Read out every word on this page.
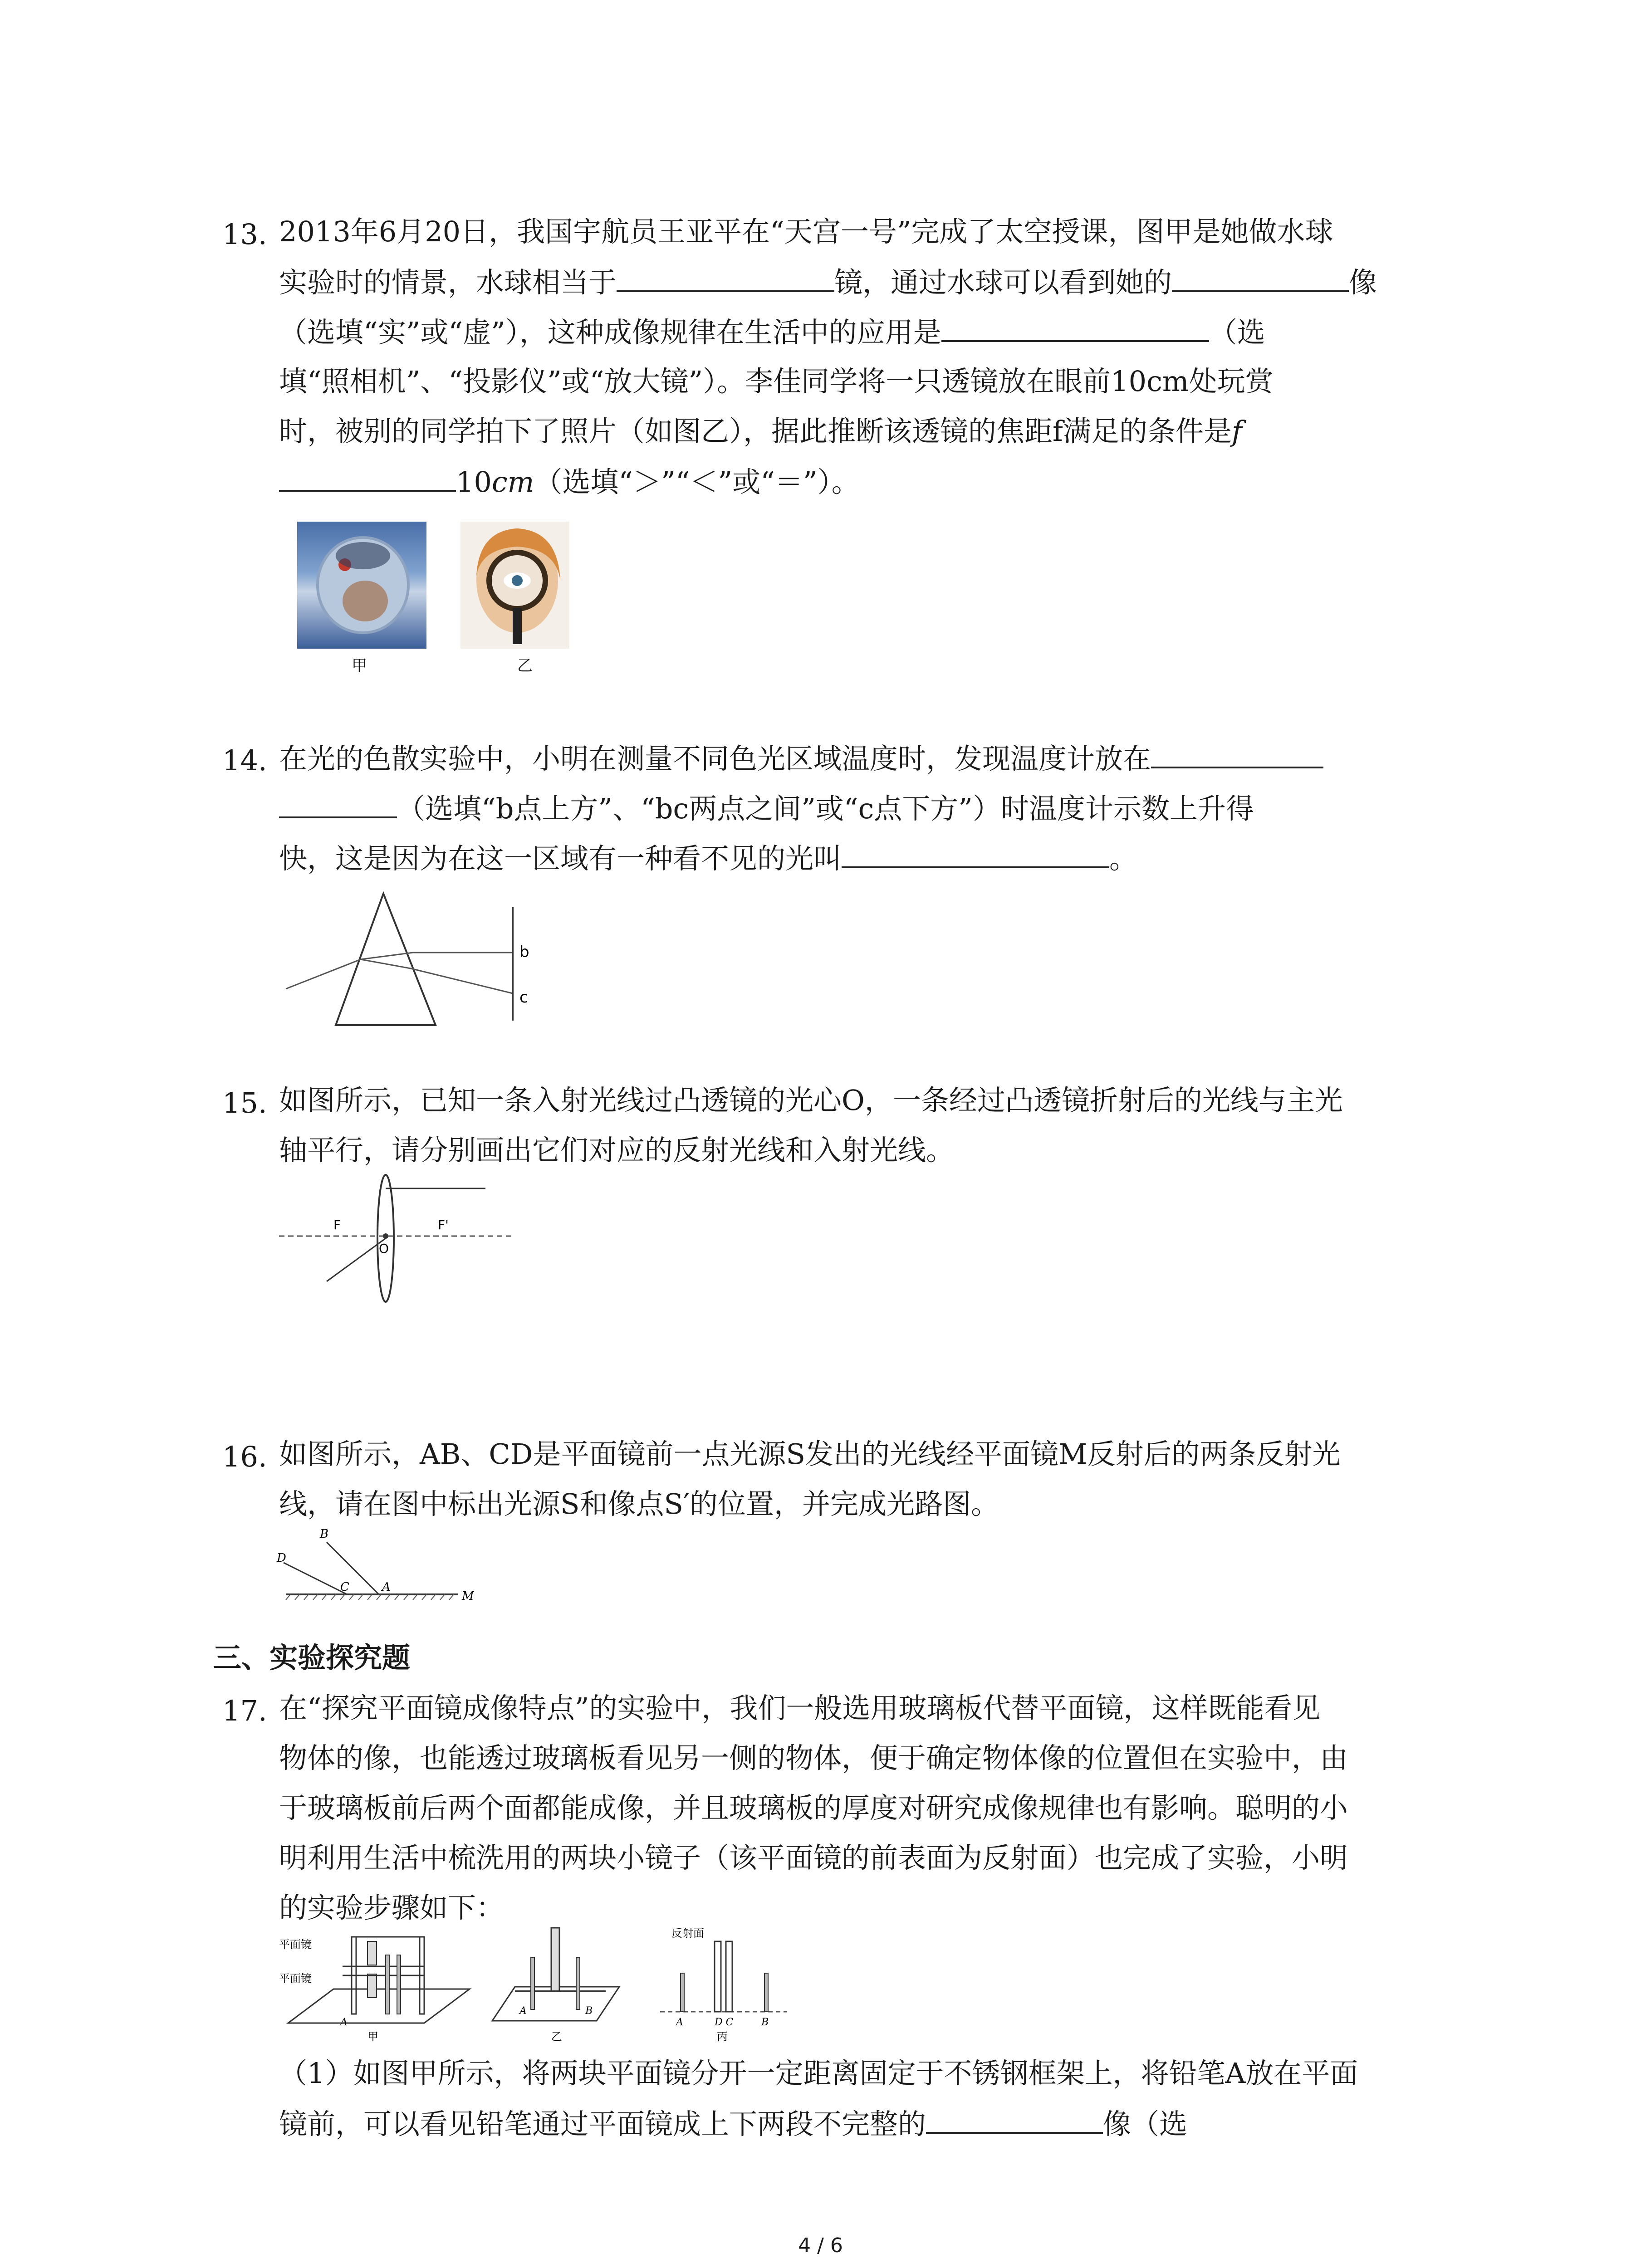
13. 2013年6月20日，我国宇航员王亚平在“天宫一号”完成了太空授课，图甲是她做水球
实验时的情景，水球相当于	镜，通过水球可以看到她的	像
（选填“实”或“虚”），这种成像规律在生活中的应用是	（选
填“照相机”、“投影仪”或“放大镜”）。李佳同学将一只透镜放在眼前10cm处玩赏
时，被别的同学拍下了照片（如图乙），据此推断该透镜的焦距f满足的条件是f
10cm（选填“＞”“＜”或“＝”）。
甲	乙
14. 在光的色散实验中，小明在测量不同色光区域温度时，发现温度计放在
（选填“b点上方”、“bc两点之间”或“c点下方”）时温度计示数上升得
快，这是因为在这一区域有一种看不见的光叫	。
b
c
15. 如图所示，已知一条入射光线过凸透镜的光心O，一条经过凸透镜折射后的光线与主光
轴平行，请分别画出它们对应的反射光线和入射光线。
F
O
F'
16. 如图所示，AB、CD是平面镜前一点光源S发出的光线经平面镜M反射后的两条反射光
线，请在图中标出光源S和像点S′的位置，并完成光路图。
B
D
C	A
M
三、实验探究题
17. 在“探究平面镜成像特点”的实验中，我们一般选用玻璃板代替平面镜，这样既能看见
物体的像，也能透过玻璃板看见另一侧的物体，便于确定物体像的位置但在实验中，由
于玻璃板前后两个面都能成像，并且玻璃板的厚度对研究成像规律也有影响。聪明的小
明利用生活中梳洗用的两块小镜子（该平面镜的前表面为反射面）也完成了实验，小明
的实验步骤如下：
平面镜
平面镜
A
甲
A	B
乙
反射面
A	D C	B
丙
（1）如图甲所示，将两块平面镜分开一定距离固定于不锈钢框架上，将铅笔A放在平面
镜前，可以看见铅笔通过平面镜成上下两段不完整的	像（选
4 / 6
